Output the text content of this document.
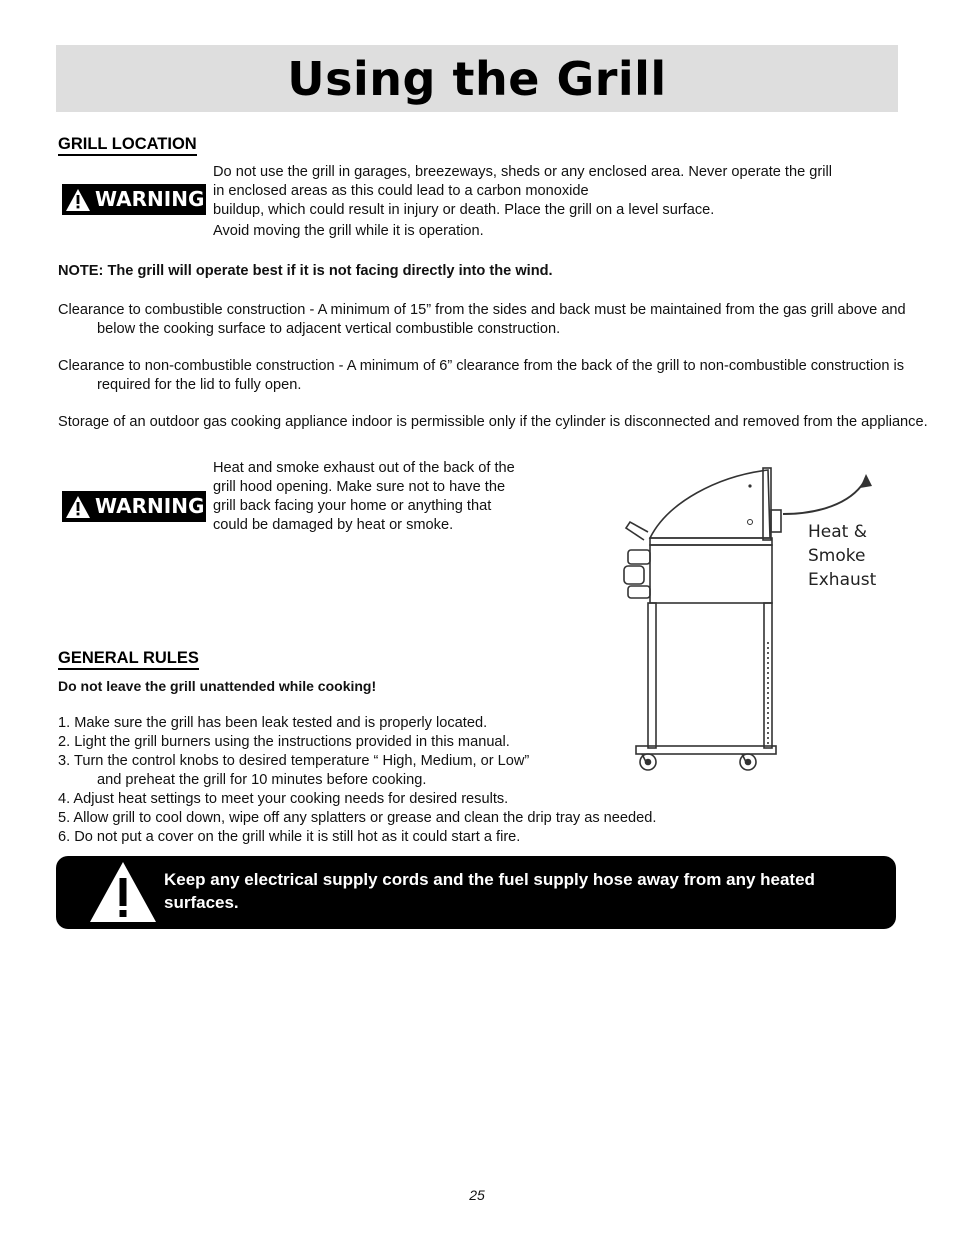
Using the Grill
GRILL LOCATION
WARNING
Do not use the grill in garages, breezeways, sheds or any enclosed area. Never operate the grill
in enclosed areas as this could lead to a carbon monoxide
buildup, which could result in injury or death. Place the grill on a level surface.
Avoid moving the grill while it is operation.
NOTE: The grill will operate best if it is not facing directly into the wind.
Clearance to combustible construction - A minimum of 15” from the sides and back must be maintained from the gas grill above and below the cooking surface to adjacent vertical combustible construction.
Clearance to non-combustible construction - A minimum of 6” clearance from the back of the grill to non-combustible construction is required for the lid to fully open.
Storage of an outdoor gas cooking appliance indoor is permissible only if the cylinder is disconnected and removed from the appliance.
WARNING
Heat and smoke exhaust out of the back of the grill hood opening. Make sure not to have the grill back facing your home or anything that could be damaged by heat or smoke.	Heat &
Smoke
Exhaust
GENERAL RULES
Do not leave the grill unattended while cooking!
1. Make sure the grill has been leak tested and is properly located.
2. Light the grill burners using the instructions provided in this manual.
3. Turn the control knobs to desired temperature “ High, Medium, or Low”
and preheat the grill for 10 minutes before cooking.
4. Adjust heat settings to meet your cooking needs for desired results.
5. Allow grill to cool down, wipe off any splatters or grease and clean the drip tray as needed.
6. Do not put a cover on the grill while it is still hot as it could start a fire.
Keep any electrical supply cords and the fuel supply hose away from any heated surfaces.
25
